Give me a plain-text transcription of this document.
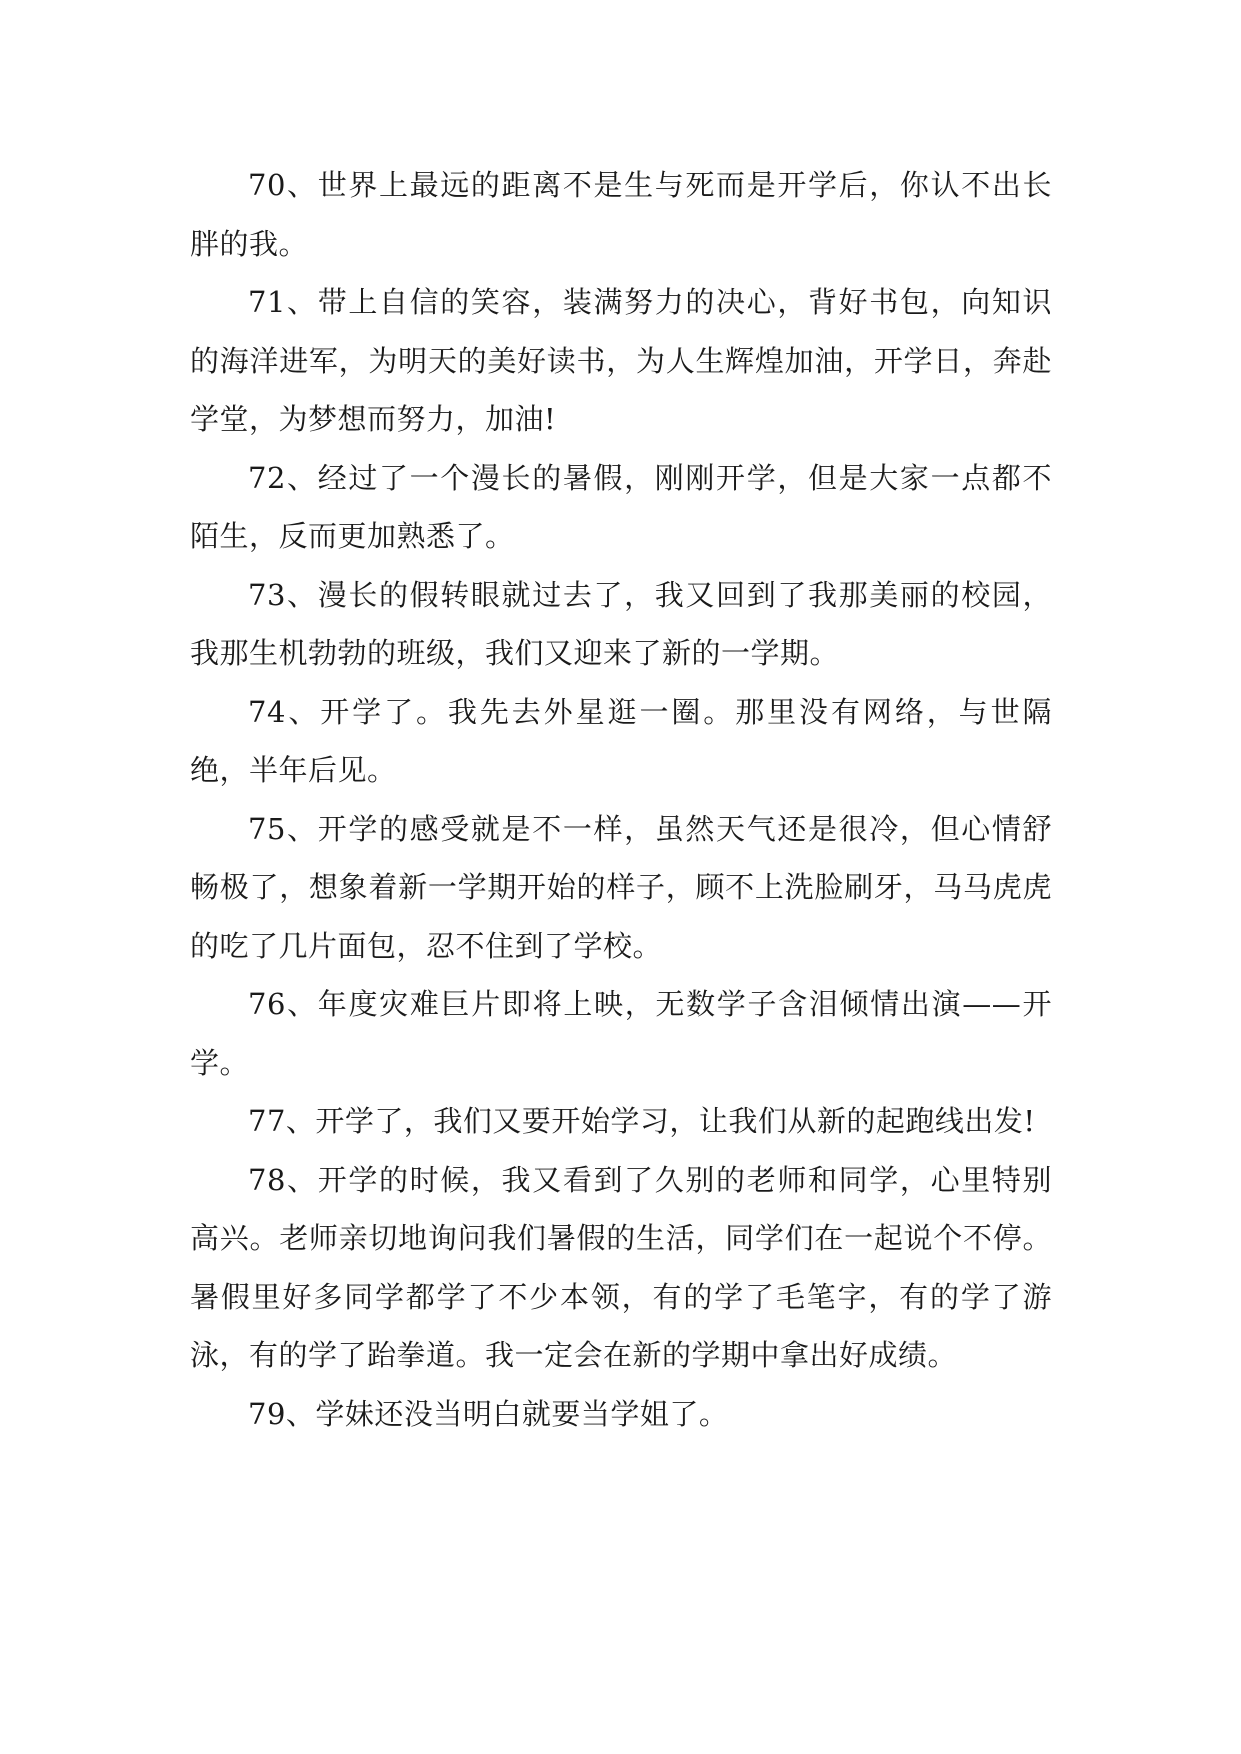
70、世界上最远的距离不是生与死而是开学后，你认不出长胖的我。

71、带上自信的笑容，装满努力的决心，背好书包，向知识的海洋进军，为明天的美好读书，为人生辉煌加油，开学日，奔赴学堂，为梦想而努力，加油!

72、经过了一个漫长的暑假，刚刚开学，但是大家一点都不陌生，反而更加熟悉了。

73、漫长的假转眼就过去了，我又回到了我那美丽的校园，我那生机勃勃的班级，我们又迎来了新的一学期。

74、开学了。我先去外星逛一圈。那里没有网络，与世隔绝，半年后见。

75、开学的感受就是不一样，虽然天气还是很冷，但心情舒畅极了，想象着新一学期开始的样子，顾不上洗脸刷牙，马马虎虎的吃了几片面包，忍不住到了学校。

76、年度灾难巨片即将上映，无数学子含泪倾情出演——开学。

77、开学了，我们又要开始学习，让我们从新的起跑线出发!

78、开学的时候，我又看到了久别的老师和同学，心里特别高兴。老师亲切地询问我们暑假的生活，同学们在一起说个不停。暑假里好多同学都学了不少本领，有的学了毛笔字，有的学了游泳，有的学了跆拳道。我一定会在新的学期中拿出好成绩。

79、学妹还没当明白就要当学姐了。
